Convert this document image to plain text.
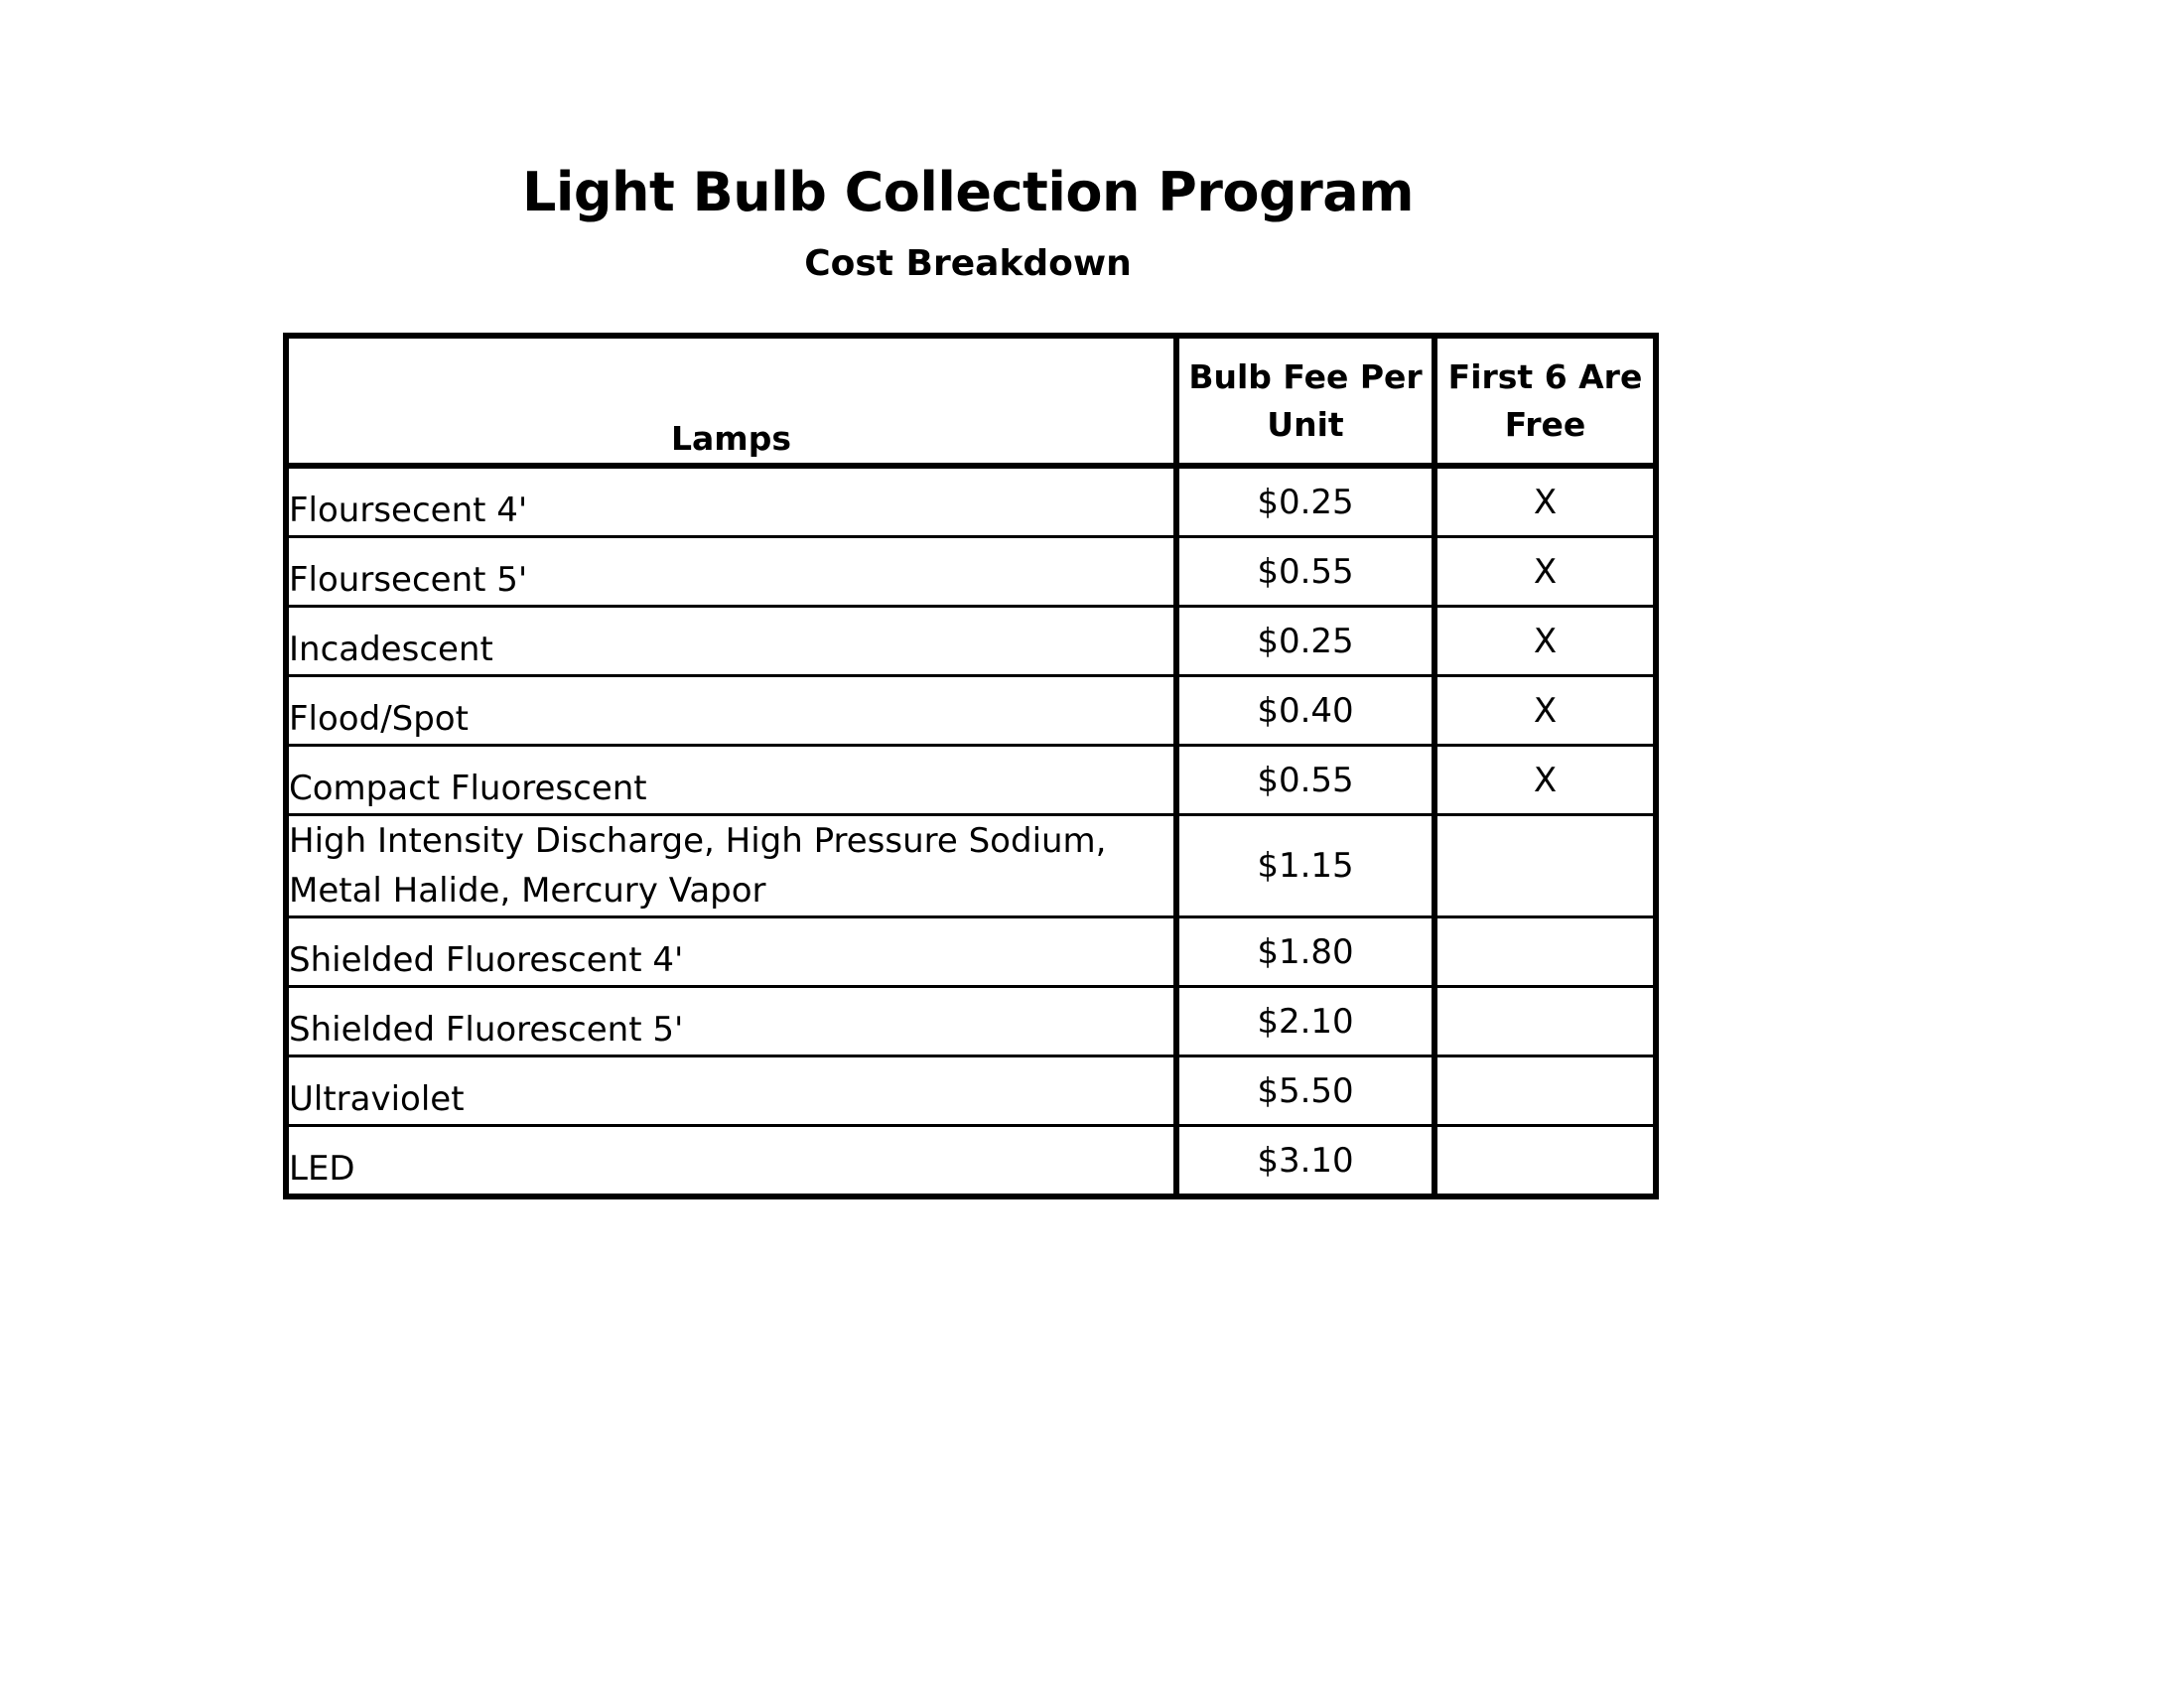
Light Bulb Collection Program
Cost Breakdown
Lamps	Bulb Fee Per Unit	First 6 Are Free
Floursecent 4'	$0.25	X
Floursecent 5'	$0.55	X
Incadescent	$0.25	X
Flood/Spot	$0.40	X
Compact Fluorescent	$0.55	X
High Intensity Discharge, High Pressure Sodium, Metal Halide, Mercury Vapor	$1.15	
Shielded Fluorescent 4'	$1.80	
Shielded Fluorescent 5'	$2.10	
Ultraviolet	$5.50	
LED	$3.10	
